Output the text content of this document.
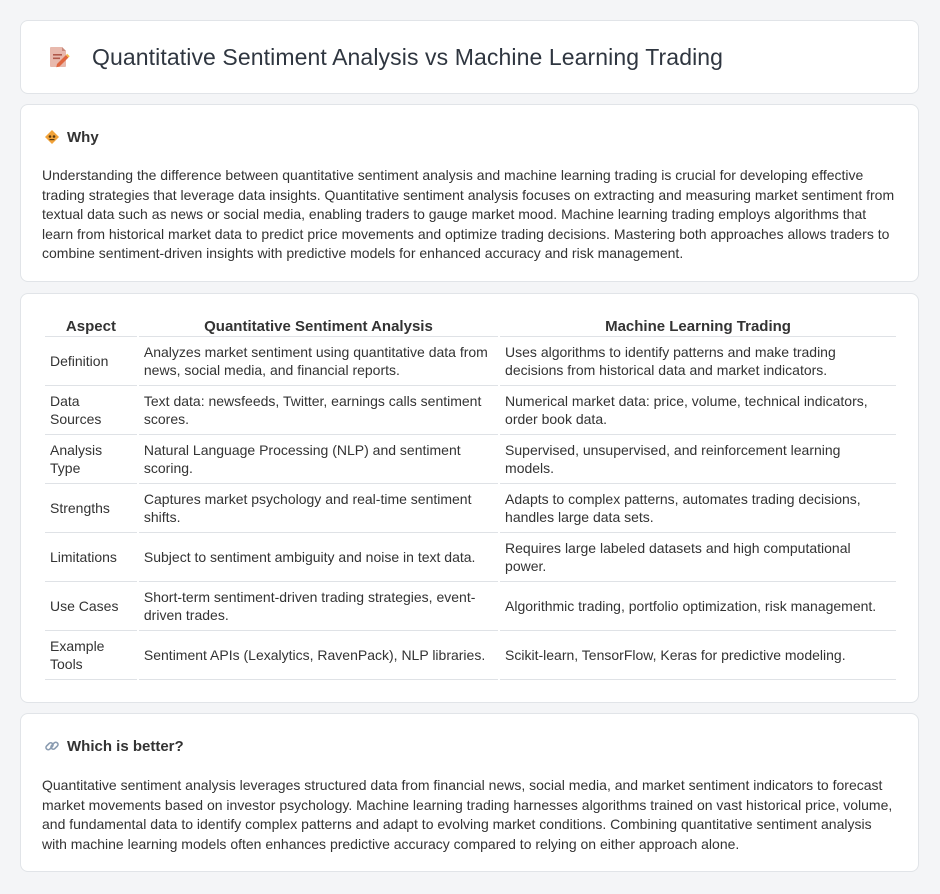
Quantitative Sentiment Analysis vs Machine Learning Trading
Why

Understanding the difference between quantitative sentiment analysis and machine learning trading is crucial for developing effective trading strategies that leverage data insights. Quantitative sentiment analysis focuses on extracting and measuring market sentiment from textual data such as news or social media, enabling traders to gauge market mood. Machine learning trading employs algorithms that learn from historical market data to predict price movements and optimize trading decisions. Mastering both approaches allows traders to combine sentiment-driven insights with predictive models for enhanced accuracy and risk management.

Aspect	Quantitative Sentiment Analysis	Machine Learning Trading
Definition	Analyzes market sentiment using quantitative data from news, social media, and financial reports.	Uses algorithms to identify patterns and make trading decisions from historical data and market indicators.
Data Sources	Text data: newsfeeds, Twitter, earnings calls sentiment scores.	Numerical market data: price, volume, technical indicators, order book data.
Analysis Type	Natural Language Processing (NLP) and sentiment scoring.	Supervised, unsupervised, and reinforcement learning models.
Strengths	Captures market psychology and real-time sentiment shifts.	Adapts to complex patterns, automates trading decisions, handles large data sets.
Limitations	Subject to sentiment ambiguity and noise in text data.	Requires large labeled datasets and high computational power.
Use Cases	Short-term sentiment-driven trading strategies, event-driven trades.	Algorithmic trading, portfolio optimization, risk management.
Example Tools	Sentiment APIs (Lexalytics, RavenPack), NLP libraries.	Scikit-learn, TensorFlow, Keras for predictive modeling.
Which is better?

Quantitative sentiment analysis leverages structured data from financial news, social media, and market sentiment indicators to forecast market movements based on investor psychology. Machine learning trading harnesses algorithms trained on vast historical price, volume, and fundamental data to identify complex patterns and adapt to evolving market conditions. Combining quantitative sentiment analysis with machine learning models often enhances predictive accuracy compared to relying on either approach alone.
